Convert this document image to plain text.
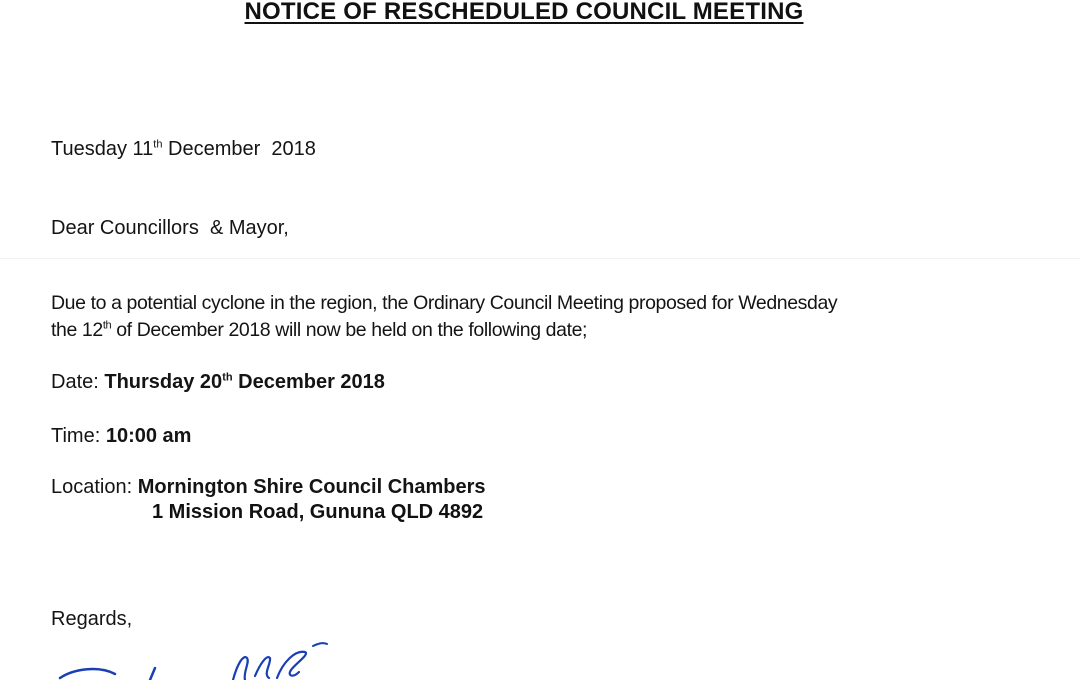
NOTICE OF RESCHEDULED COUNCIL MEETING
Tuesday 11th December  2018
Dear Councillors  & Mayor,
Due to a potential cyclone in the region, the Ordinary Council Meeting proposed for Wednesday
the 12th of December 2018 will now be held on the following date;
Date: Thursday 20th December 2018
Time: 10:00 am
Location: Mornington Shire Council Chambers
1 Mission Road, Gununa QLD 4892
Regards,
